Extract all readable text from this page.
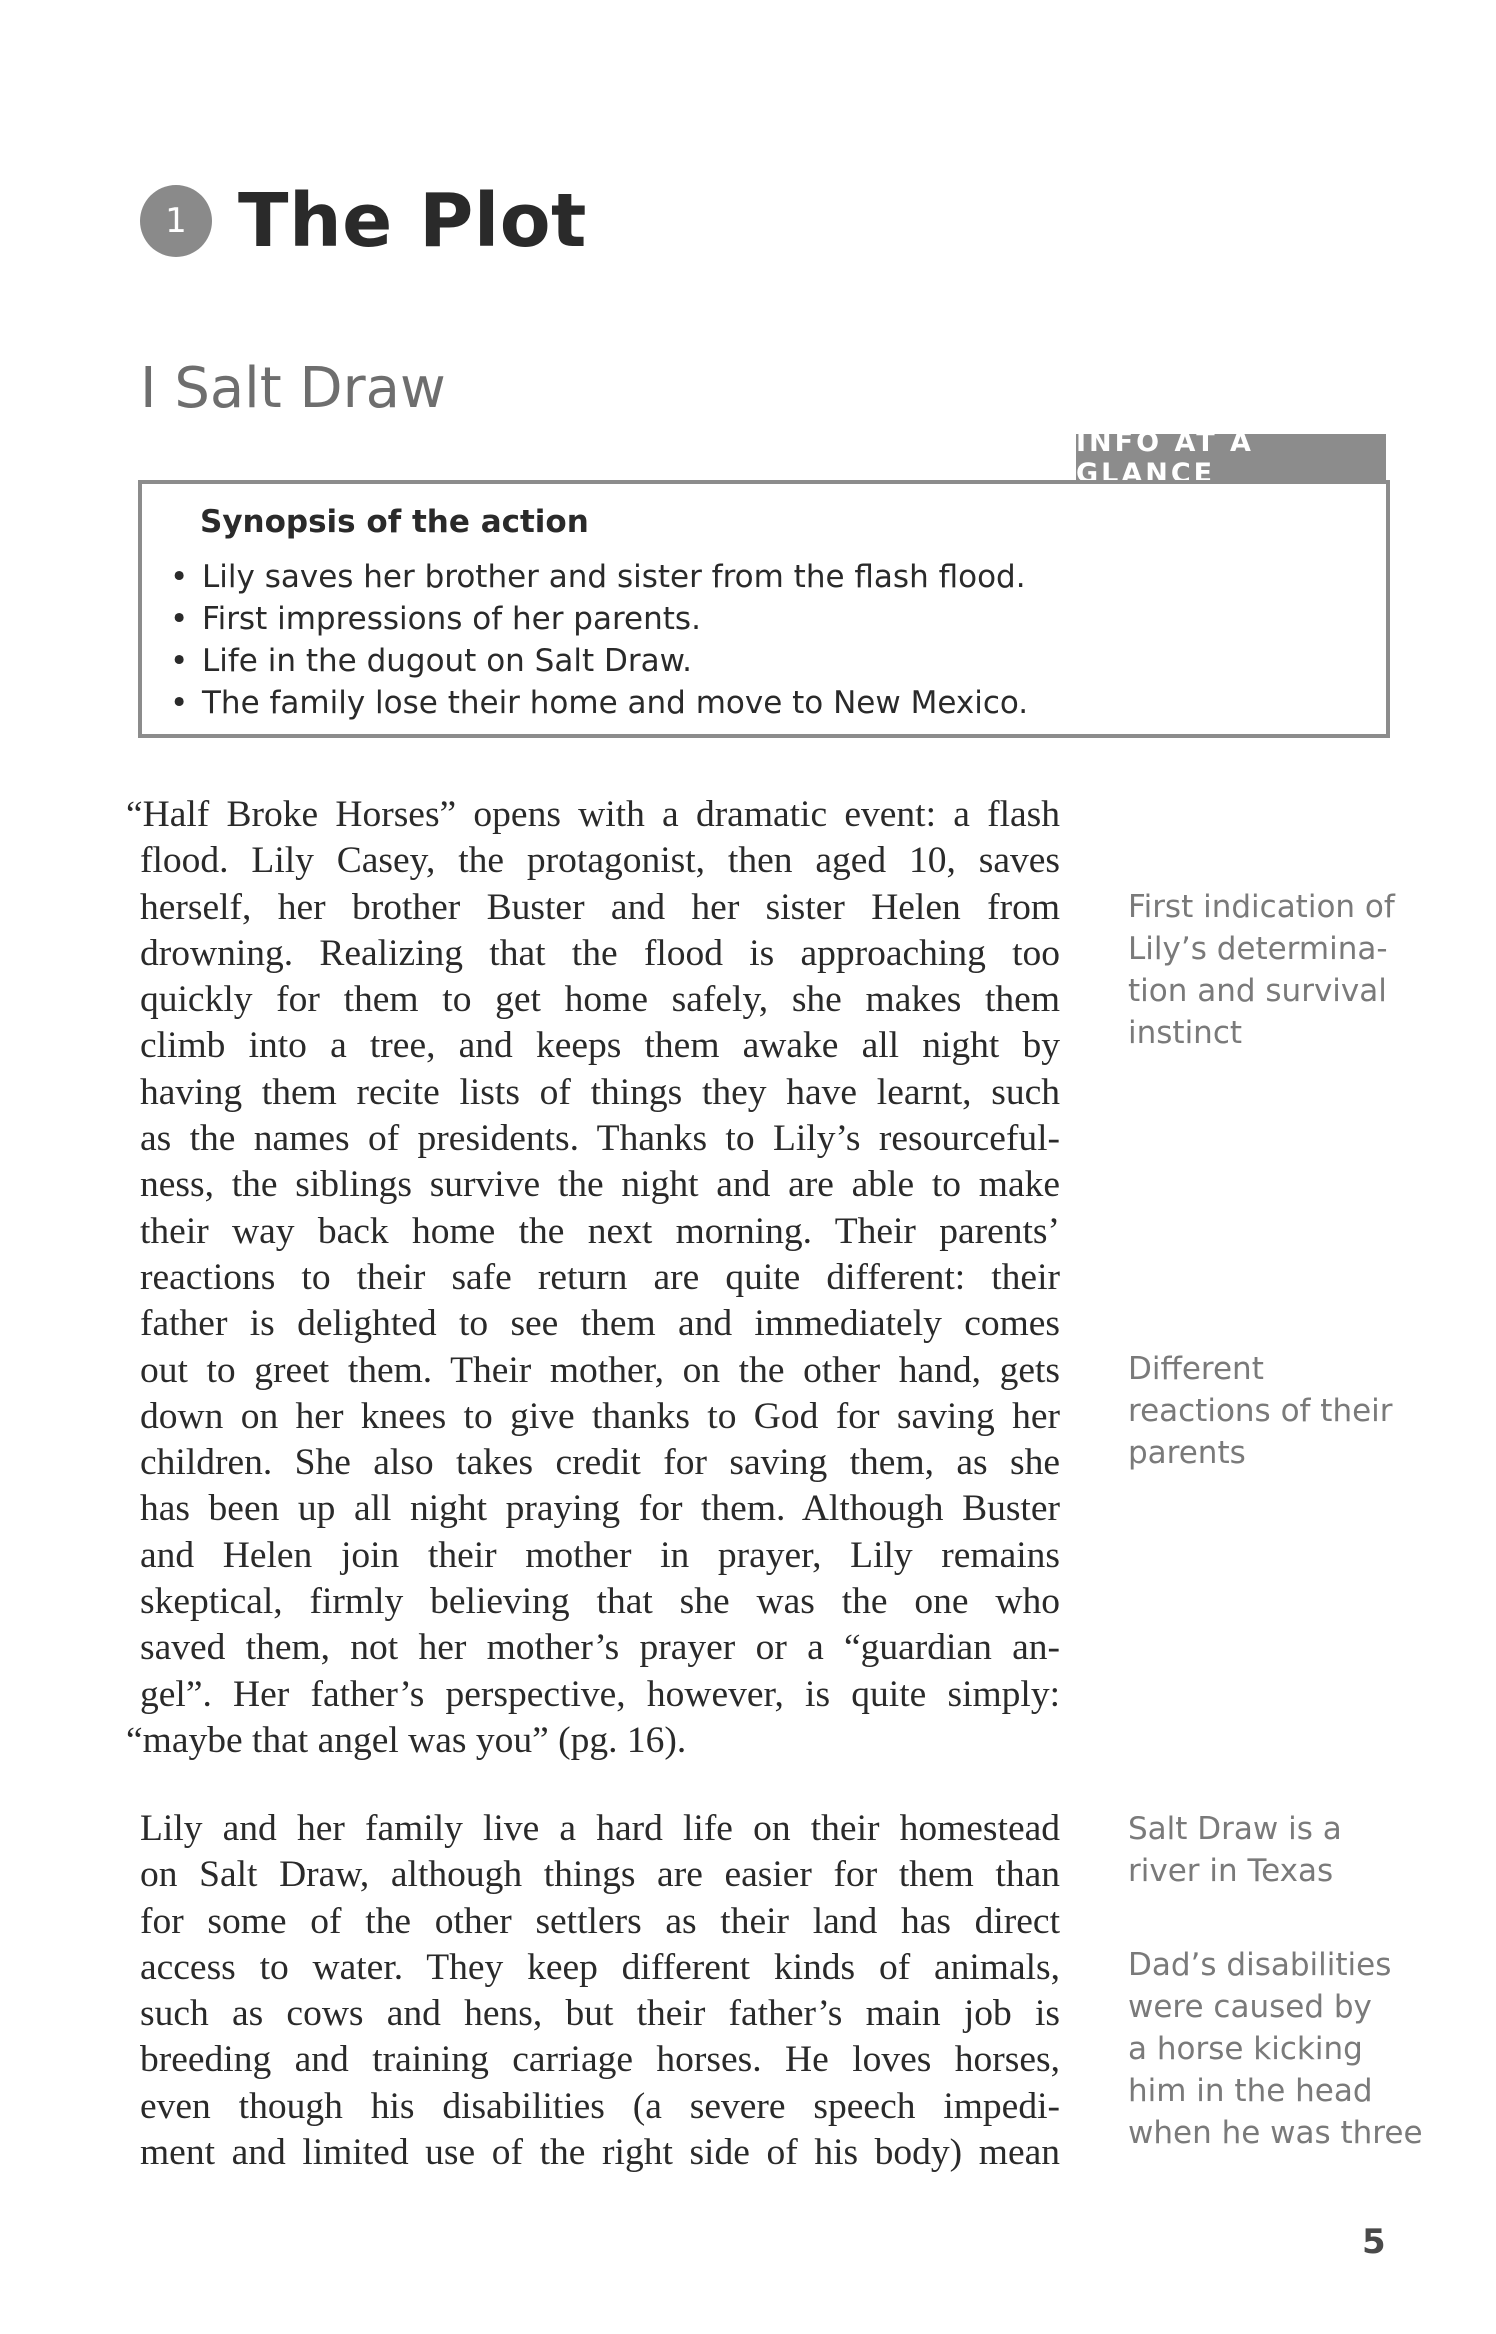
1 The Plot
I Salt Draw
INFO AT A GLANCE
Synopsis of the action
• Lily saves her brother and sister from the flash flood.
• First impressions of her parents.
• Life in the dugout on Salt Draw.
• The family lose their home and move to New Mexico.
“Half Broke Horses” opens with a dramatic event: a flash
flood. Lily Casey, the protagonist, then aged 10, saves
herself, her brother Buster and her sister Helen from
drowning. Realizing that the flood is approaching too
quickly for them to get home safely, she makes them
climb into a tree, and keeps them awake all night by
having them recite lists of things they have learnt, such
as the names of presidents. Thanks to Lily’s resourceful-
ness, the siblings survive the night and are able to make
their way back home the next morning. Their parents’
reactions to their safe return are quite different: their
father is delighted to see them and immediately comes
out to greet them. Their mother, on the other hand, gets
down on her knees to give thanks to God for saving her
children. She also takes credit for saving them, as she
has been up all night praying for them. Although Buster
and Helen join their mother in prayer, Lily remains
skeptical, firmly believing that she was the one who
saved them, not her mother’s prayer or a “guardian an-
gel”. Her father’s perspective, however, is quite simply:
“maybe that angel was you” (pg. 16).
Lily and her family live a hard life on their homestead
on Salt Draw, although things are easier for them than
for some of the other settlers as their land has direct
access to water. They keep different kinds of animals,
such as cows and hens, but their father’s main job is
breeding and training carriage horses. He loves horses,
even though his disabilities (a severe speech impedi-
ment and limited use of the right side of his body) mean
First indication of
Lily’s determina-
tion and survival
instinct
Different
reactions of their
parents
Salt Draw is a
river in Texas
Dad’s disabilities
were caused by
a horse kicking
him in the head
when he was three
5
